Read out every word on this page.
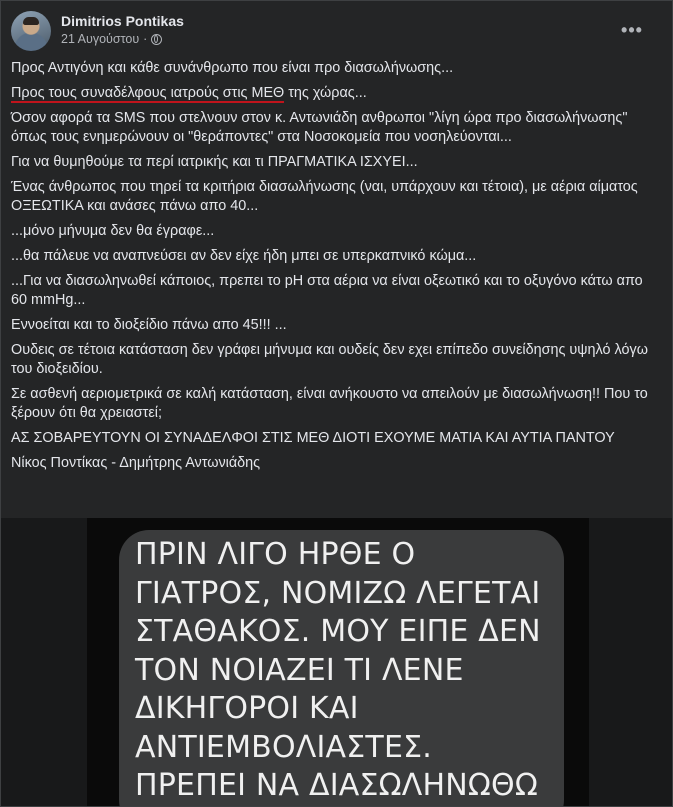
Dimitrios Pontikas
21 Αυγούστου ·	•••

Προς Αντιγόνη και κάθε συνάνθρωπο που είναι προ διασωλήνωσης...

Προς τους συναδέλφους ιατρούς στις ΜΕΘ της χώρας...

Όσον αφορά τα SMS που στελνουν στον κ. Αντωνιάδη ανθρωποι "λίγη ώρα προ διασωλήνωσης" όπως τους ενημερώνουν οι "θεράποντες" στα Νοσοκομεία που νοσηλεύονται...

Για να θυμηθούμε τα περί ιατρικής και τι ΠΡΑΓΜΑΤΙΚΑ ΙΣΧΥΕΙ...

Ένας άνθρωπος που τηρεί τα κριτήρια διασωλήνωσης (ναι, υπάρχουν και τέτοια), με αέρια αίματος ΟΞΕΩΤΙΚΑ και ανάσες πάνω απο 40...

...μόνο μήνυμα δεν θα έγραφε...

...θα πάλευε να αναπνεύσει αν δεν είχε ήδη μπει σε υπερκαπνικό κώμα...

...Για να διασωληνωθεί κάποιος, πρεπει το pH στα αέρια να είναι οξεωτικό και το οξυγόνο κάτω απο 60 mmHg...

Εννοείται και το διοξείδιο πάνω απο 45!!! ...

Ουδεις σε τέτοια κατάσταση δεν γράφει μήνυμα και ουδείς δεν εχει επίπεδο συνείδησης υψηλό λόγω του διοξειδίου.

Σε ασθενή αεριομετρικά σε καλή κατάσταση, είναι ανήκουστο να απειλούν με διασωλήνωση!! Που το ξέρουν ότι θα χρειαστεί;

ΑΣ ΣΟΒΑΡΕΥΤΟΥΝ ΟΙ ΣΥΝΑΔΕΛΦΟΙ ΣΤΙΣ ΜΕΘ ΔΙΟΤΙ ΕΧΟΥΜΕ ΜΑΤΙΑ ΚΑΙ ΑΥΤΙΑ ΠΑΝΤΟΥ

Νίκος Ποντίκας - Δημήτρης Αντωνιάδης

ΠΡΙΝ ΛΙΓΟ ΗΡΘΕ Ο
ΓΙΑΤΡΟΣ, ΝΟΜΙΖΩ ΛΕΓΕΤΑΙ
ΣΤΑΘΑΚΟΣ. ΜΟΥ ΕΙΠΕ ΔΕΝ
ΤΟΝ ΝΟΙΑΖΕΙ ΤΙ ΛΕΝΕ
ΔΙΚΗΓΟΡΟΙ ΚΑΙ
ΑΝΤΙΕΜΒΟΛΙΑΣΤΕΣ.
ΠΡΕΠΕΙ ΝΑ ΔΙΑΣΩΛΗΝΩΘΩ
